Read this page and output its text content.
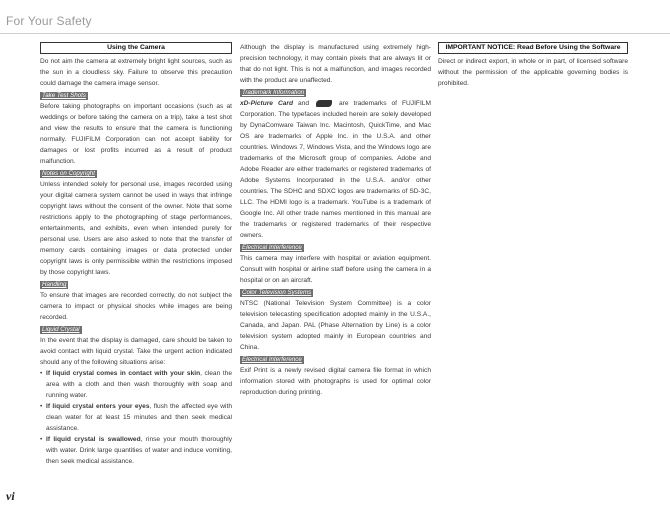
For Your Safety
Using the Camera
Do not aim the camera at extremely bright light sources, such as the sun in a cloudless sky. Failure to observe this precaution could damage the camera image sensor.
Take Test Shots
Before taking photographs on important occasions (such as at weddings or before taking the camera on a trip), take a test shot and view the results to ensure that the camera is functioning normally. FUJIFILM Corporation can not accept liability for damages or lost profits incurred as a result of product malfunction.
Notes on Copyright
Unless intended solely for personal use, images recorded using your digital camera system cannot be used in ways that infringe copyright laws without the consent of the owner. Note that some restrictions apply to the photographing of stage performances, entertainments, and exhibits, even when intended purely for personal use. Users are also asked to note that the transfer of memory cards containing images or data protected under copyright laws is only permissible within the restrictions imposed by those copyright laws.
Handling
To ensure that images are recorded correctly, do not subject the camera to impact or physical shocks while images are being recorded.
Liquid Crystal
In the event that the display is damaged, care should be taken to avoid contact with liquid crystal. Take the urgent action indicated should any of the following situations arise:
• If liquid crystal comes in contact with your skin, clean the area with a cloth and then wash thoroughly with soap and running water.
• If liquid crystal enters your eyes, flush the affected eye with clean water for at least 15 minutes and then seek medical assistance.
• If liquid crystal is swallowed, rinse your mouth thoroughly with water. Drink large quantities of water and induce vomiting, then seek medical assistance.
Although the display is manufactured using extremely high-precision technology, it may contain pixels that are always lit or that do not light. This is not a malfunction, and images recorded with the product are unaffected.
Trademark Information
xD-Picture Card and	are trademarks of FUJIFILM Corporation. The typefaces included herein are solely developed by DynaComware Taiwan Inc. Macintosh, QuickTime, and Mac OS are trademarks of Apple Inc. in the U.S.A. and other countries. Windows 7, Windows Vista, and the Windows logo are trademarks of the Microsoft group of companies. Adobe and Adobe Reader are either trademarks or registered trademarks of Adobe Systems Incorporated in the U.S.A. and/or other countries. The SDHC and SDXC logos are trademarks of SD-3C, LLC. The HDMI logo is a trademark. YouTube is a trademark of Google Inc. All other trade names mentioned in this manual are the trademarks or registered trademarks of their respective owners.
Electrical Interference
This camera may interfere with hospital or aviation equipment. Consult with hospital or airline staff before using the camera in a hospital or on an aircraft.
Color Television Systems
NTSC (National Television System Committee) is a color television telecasting specification adopted mainly in the U.S.A., Canada, and Japan. PAL (Phase Alternation by Line) is a color television system adopted mainly in European countries and China.
Electrical Interference
Exif Print is a newly revised digital camera file format in which information stored with photographs is used for optimal color reproduction during printing.
IMPORTANT NOTICE: Read Before Using the Software
Direct or indirect export, in whole or in part, of licensed software without the permission of the applicable governing bodies is prohibited.
vi
